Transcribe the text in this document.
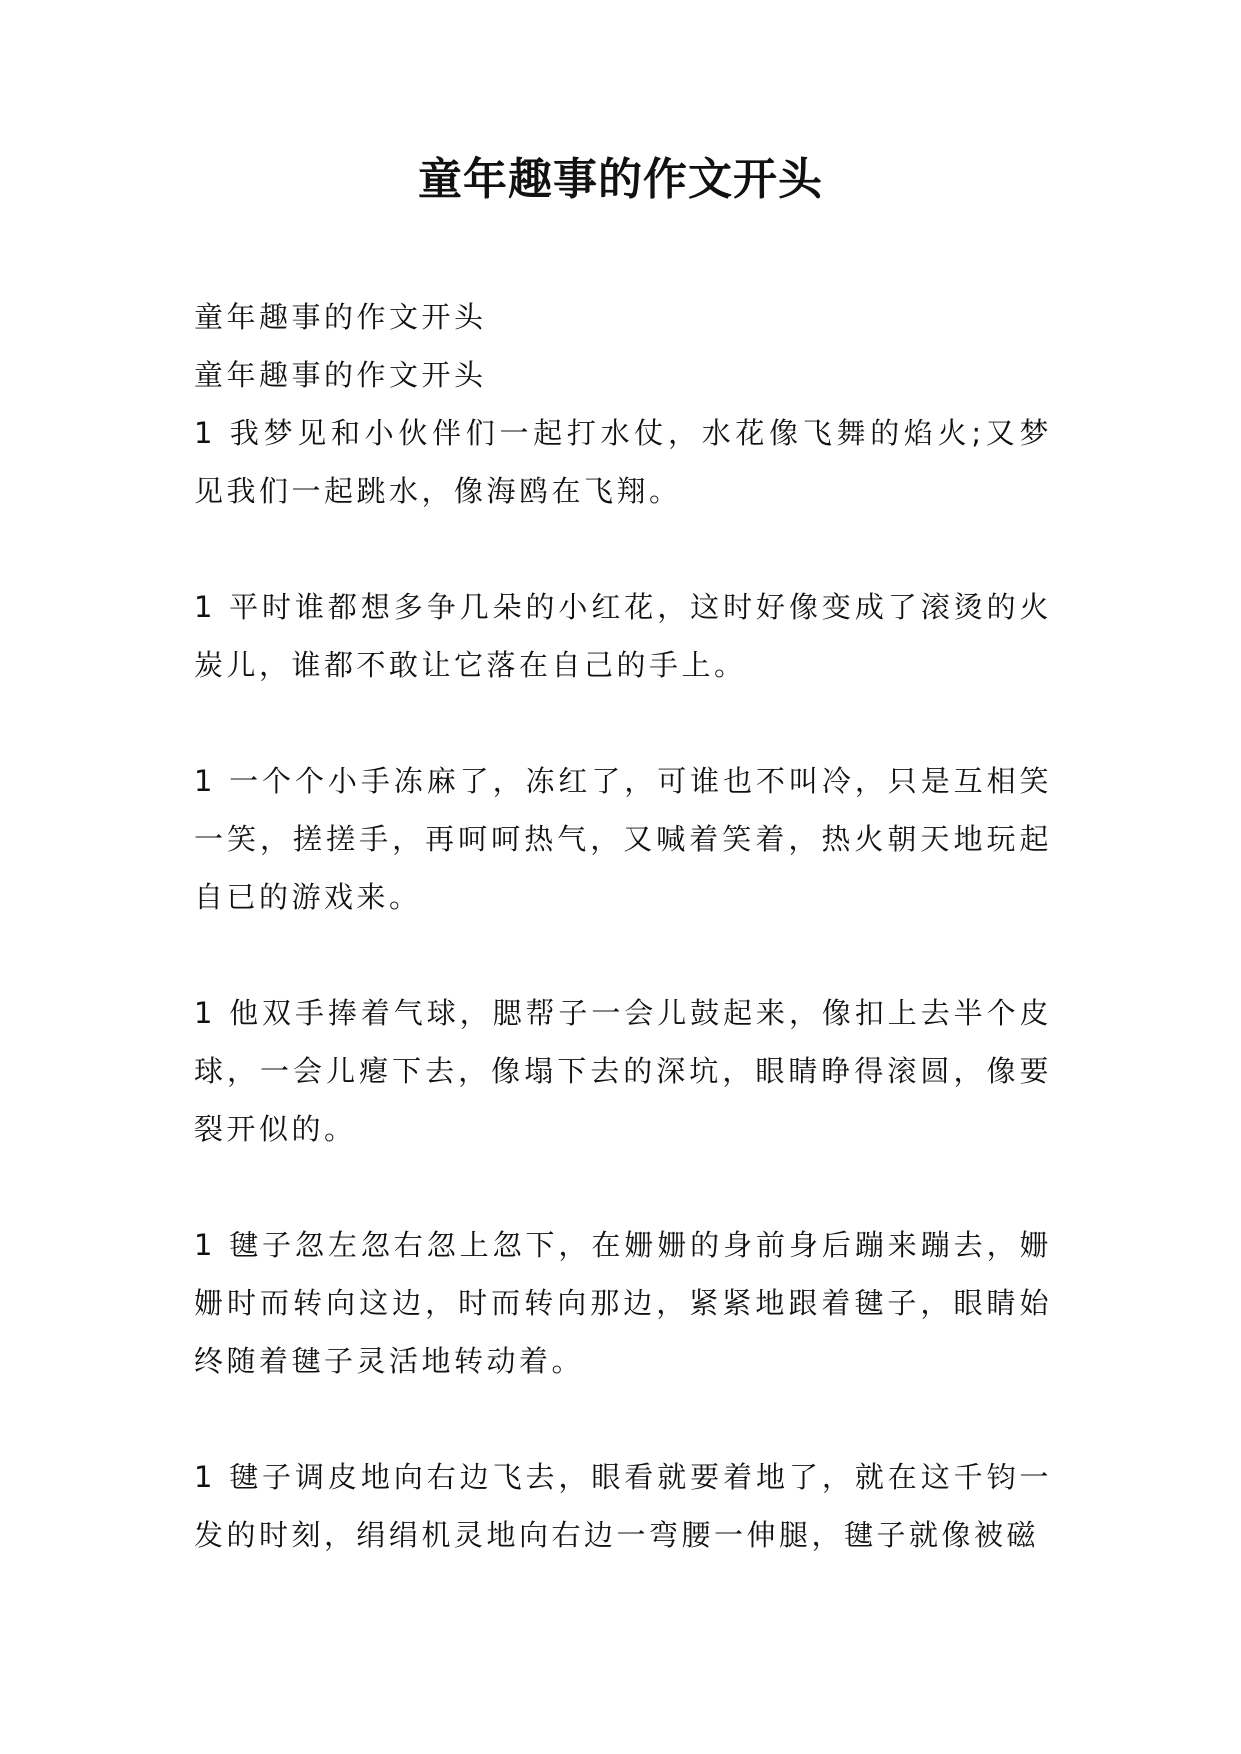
童年趣事的作文开头

童年趣事的作文开头

童年趣事的作文开头

1 我梦见和小伙伴们一起打水仗，水花像飞舞的焰火;又梦见我们一起跳水，像海鸥在飞翔。

1 平时谁都想多争几朵的小红花，这时好像变成了滚烫的火炭儿，谁都不敢让它落在自己的手上。

1 一个个小手冻麻了，冻红了，可谁也不叫冷，只是互相笑一笑，搓搓手，再呵呵热气，又喊着笑着，热火朝天地玩起自已的游戏来。

1 他双手捧着气球，腮帮子一会儿鼓起来，像扣上去半个皮球，一会儿瘪下去，像塌下去的深坑，眼睛睁得滚圆，像要裂开似的。

1 毽子忽左忽右忽上忽下，在姗姗的身前身后蹦来蹦去，姗姗时而转向这边，时而转向那边，紧紧地跟着毽子，眼睛始终随着毽子灵活地转动着。

1 毽子调皮地向右边飞去，眼看就要着地了，就在这千钧一发的时刻，绢绢机灵地向右边一弯腰一伸腿，毽子就像被磁
